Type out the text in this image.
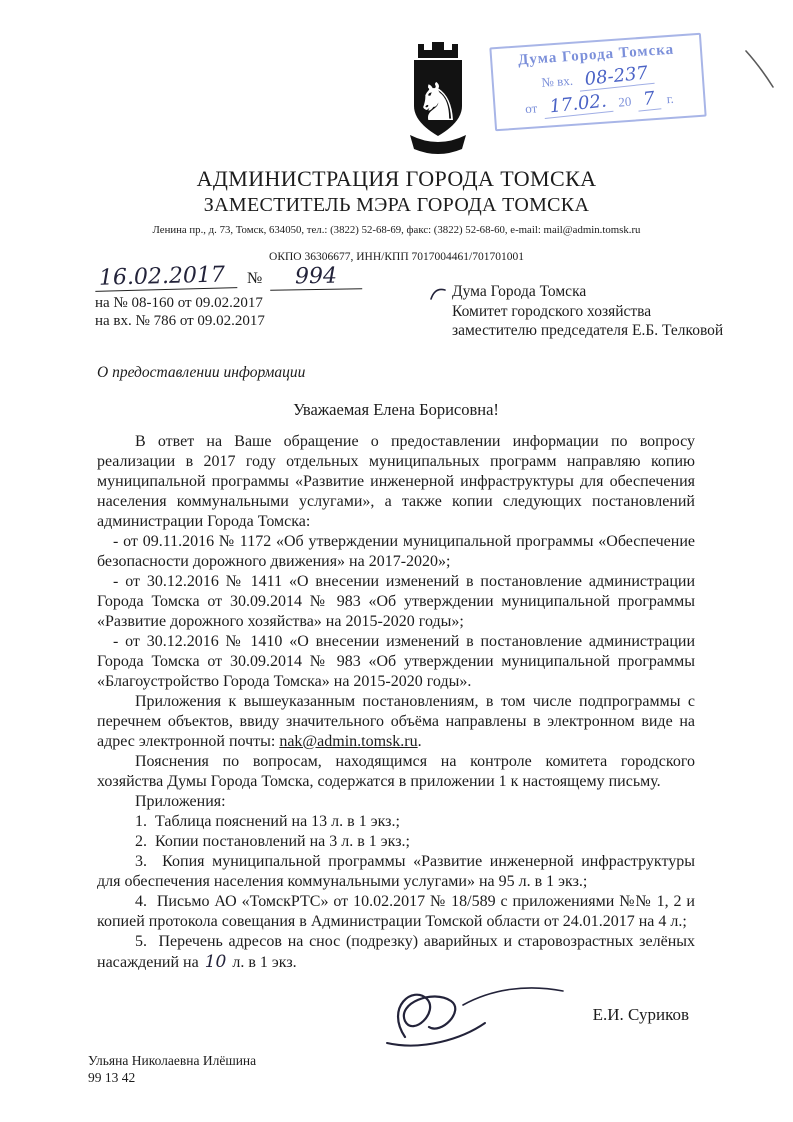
Дума Города Томска
№ вх. 08-237
от 17.02. 20 7 г.
♞
АДМИНИСТРАЦИЯ ГОРОДА ТОМСКА
ЗАМЕСТИТЕЛЬ МЭРА ГОРОДА ТОМСКА
Ленина пр., д. 73, Томск, 634050, тел.: (3822) 52-68-69, факс: (3822) 52-68-60, e-mail: mail@admin.tomsk.ru
ОКПО 36306677, ИНН/КПП 7017004461/701701001
16.02.2017	№	994
на № 08-160 от 09.02.2017
на вх. № 786 от 09.02.2017
Дума Города Томска
Комитет городского хозяйства
заместителю председателя Е.Б. Телковой
О предоставлении информации
Уважаемая Елена Борисовна!

В ответ на Ваше обращение о предоставлении информации по вопросу реализации в 2017 году отдельных муниципальных программ направляю копию муниципальной программы «Развитие инженерной инфраструктуры для обеспечения населения коммунальными услугами», а также копии следующих постановлений администрации Города Томска:

- от 09.11.2016 № 1172 «Об утверждении муниципальной программы «Обеспечение безопасности дорожного движения» на 2017-2020»;

- от 30.12.2016 № 1411 «О внесении изменений в постановление администрации Города Томска от 30.09.2014 № 983 «Об утверждении муниципальной программы «Развитие дорожного хозяйства» на 2015-2020 годы»;

- от 30.12.2016 № 1410 «О внесении изменений в постановление администрации Города Томска от 30.09.2014 № 983 «Об утверждении муниципальной программы «Благоустройство Города Томска» на 2015-2020 годы».

Приложения к вышеуказанным постановлениям, в том числе подпрограммы с перечнем объектов, ввиду значительного объёма направлены в электронном виде на адрес электронной почты: nak@admin.tomsk.ru.

Пояснения по вопросам, находящимся на контроле комитета городского хозяйства Думы Города Томска, содержатся в приложении 1 к настоящему письму.

Приложения:

1.  Таблица пояснений на 13 л. в 1 экз.;

2.  Копии постановлений на 3 л. в 1 экз.;

3.  Копия муниципальной программы «Развитие инженерной инфраструктуры для обеспечения населения коммунальными услугами» на 95 л. в 1 экз.;

4.  Письмо АО «ТомскРТС» от 10.02.2017 № 18/589 с приложениями №№ 1, 2 и копией протокола совещания в Администрации Томской области от 24.01.2017 на 4 л.;

5.  Перечень адресов на снос (подрезку) аварийных и старовозрастных зелёных насаждений на 10 л. в 1 экз.

Е.И. Суриков
Ульяна Николаевна Илёшина
99 13 42
